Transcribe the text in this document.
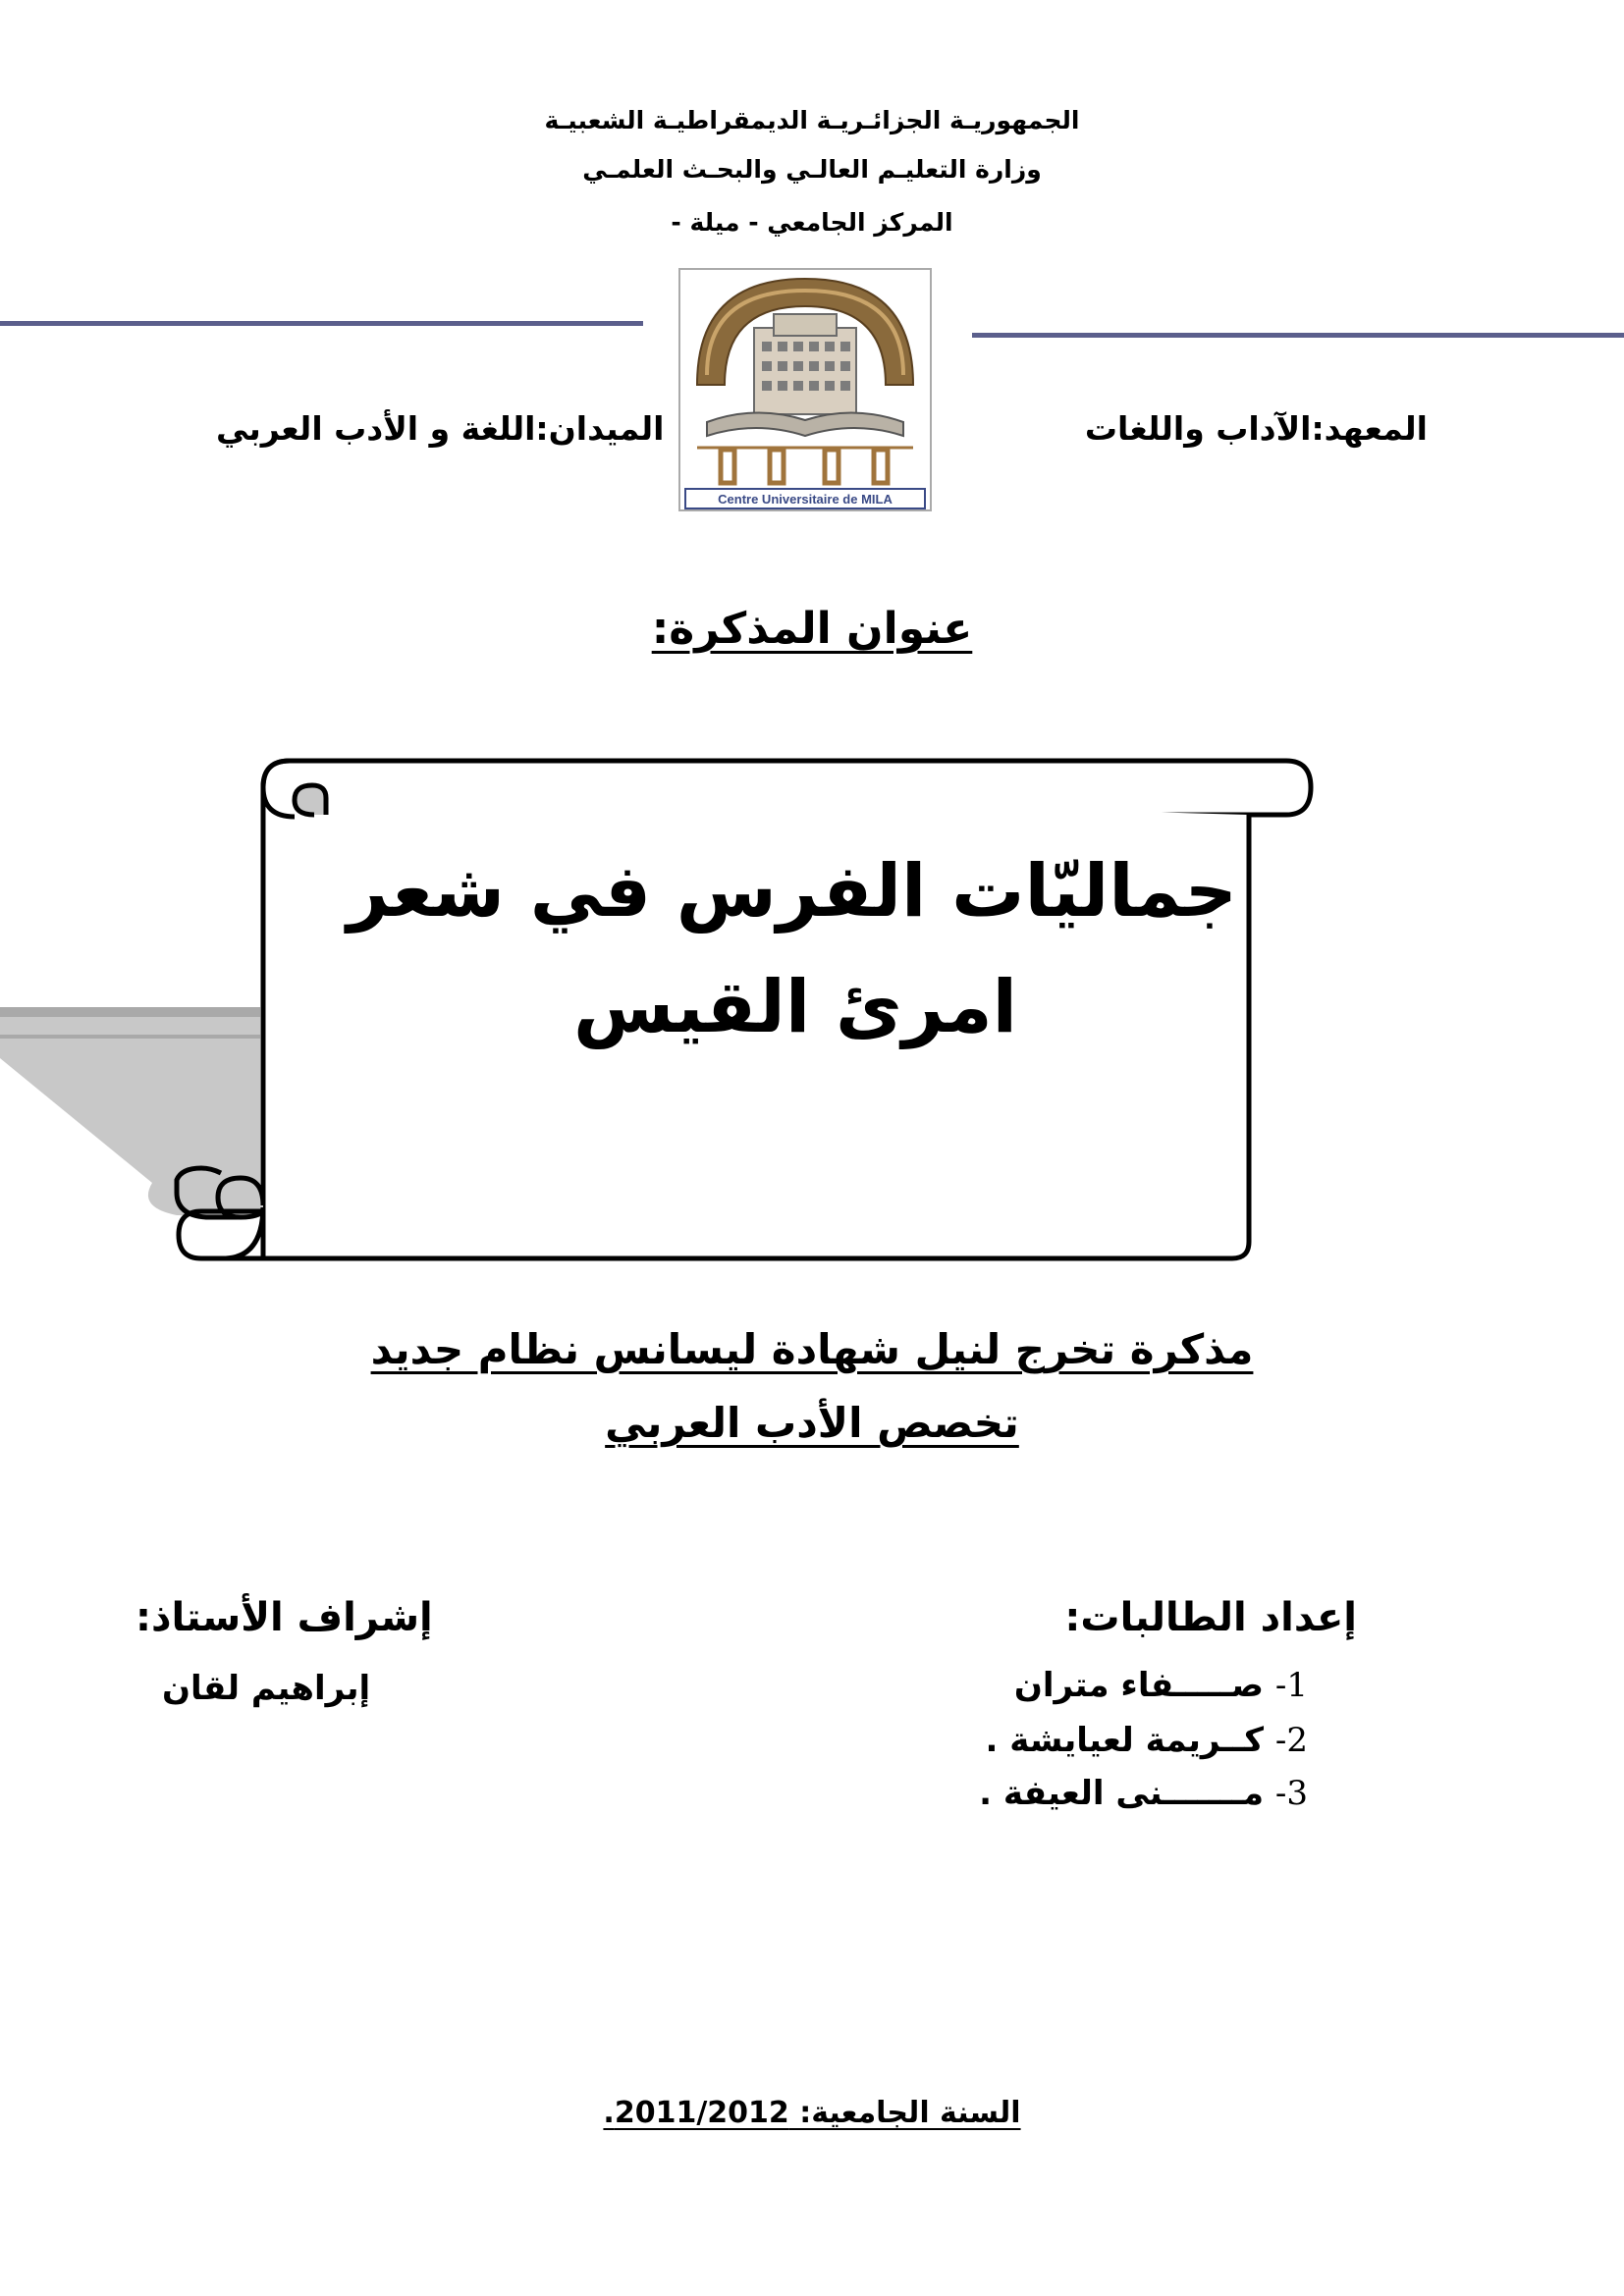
الجمهوريـة الجزائـريـة الديمقراطيـة الشعبيـة
وزارة التعليـم العالـي والبحـث العلمـي
المركز الجامعي - ميلة -
Centre Universitaire de MILA
المعهد:الآداب واللغات
الميدان:اللغة و الأدب العربي
عنوان المذكرة:
جماليّات الفرس في شعر
امرئ القيس
مذكرة تخرج لنيل شهادة ليسانس نظام جديد
تخصص الأدب العربي
إعداد الطالبات:
1- صـــــفاء متران
2- كــريمة لعيايشة .
3- مـــــــنى العيفة .
إشراف الأستاذ:
إبراهيم لقان
السنة الجامعية: 2011/2012.
